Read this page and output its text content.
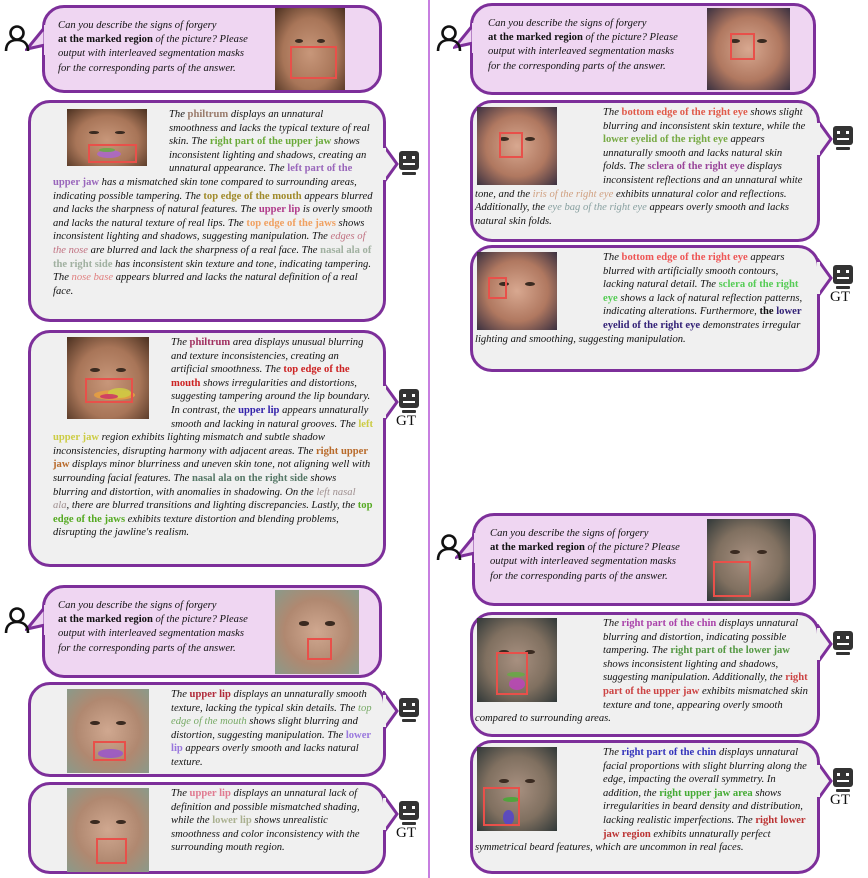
Can you describe the signs of forgery
at the marked region of the picture? Please
output with interleaved segmentation masks
for the corresponding parts of the answer.
The philtrum displays an unnatural smoothness and lacks the typical texture of real skin. The right part of the upper jaw shows inconsistent lighting and shadows, creating an unnatural appearance. The left part of the upper jaw has a mismatched skin tone compared to surrounding areas, indicating possible tampering. The top edge of the mouth appears blurred and lacks the sharpness of natural features. The upper lip is overly smooth and lacks the natural texture of real lips. The top edge of the jaws shows inconsistent lighting and shadows, suggesting manipulation. The edges of the nose are blurred and lack the sharpness of a real face. The nasal ala of the right side has inconsistent skin texture and tone, indicating tampering. The nose base appears blurred and lacks the natural definition of a real face.
The philtrum area displays unusual blurring and texture inconsistencies, creating an artificial smoothness. The top edge of the mouth shows irregularities and distortions, suggesting tampering around the lip boundary. In contrast, the upper lip appears unnaturally smooth and lacking in natural grooves. The left upper jaw region exhibits lighting mismatch and subtle shadow inconsistencies, disrupting harmony with adjacent areas. The right upper jaw displays minor blurriness and uneven skin tone, not aligning well with surrounding facial features. The nasal ala on the right side shows blurring and distortion, with anomalies in shadowing. On the left nasal ala, there are blurred transitions and lighting discrepancies. Lastly, the top edge of the jaws exhibits texture distortion and blending problems, disrupting the jawline's realism.
GT
Can you describe the signs of forgery
at the marked region of the picture? Please
output with interleaved segmentation masks
for the corresponding parts of the answer.
The upper lip displays an unnaturally smooth texture, lacking the typical skin details. The top edge of the mouth shows slight blurring and distortion, suggesting manipulation. The lower lip appears overly smooth and lacks natural texture.
The upper lip displays an unnatural lack of definition and possible mismatched shading, while the lower lip shows unrealistic smoothness and color inconsistency with the surrounding mouth region.
GT
Can you describe the signs of forgery
at the marked region of the picture? Please
output with interleaved segmentation masks
for the corresponding parts of the answer.
The bottom edge of the right eye shows slight blurring and inconsistent skin texture, while the lower eyelid of the right eye appears unnaturally smooth and lacks natural skin folds. The sclera of the right eye displays inconsistent reflections and an unnatural white tone, and the iris of the right eye exhibits unnatural color and reflections. Additionally, the eye bag of the right eye appears overly smooth and lacks natural skin folds.
The bottom edge of the right eye appears blurred with artificially smooth contours, lacking natural detail. The sclera of the right eye shows a lack of natural reflection patterns, indicating alterations. Furthermore, the lower eyelid of the right eye demonstrates irregular lighting and smoothing, suggesting manipulation.
GT
Can you describe the signs of forgery
at the marked region of the picture? Please
output with interleaved segmentation masks
for the corresponding parts of the answer.
The right part of the chin displays unnatural blurring and distortion, indicating possible tampering. The right part of the lower jaw shows inconsistent lighting and shadows, suggesting manipulation. Additionally, the right part of the upper jaw exhibits mismatched skin texture and tone, appearing overly smooth compared to surrounding areas.
The right part of the chin displays unnatural facial proportions with slight blurring along the edge, impacting the overall symmetry. In addition, the right upper jaw area shows irregularities in beard density and distribution, lacking realistic imperfections. The right lower jaw region exhibits unnaturally perfect symmetrical beard features, which are uncommon in real faces.
GT
